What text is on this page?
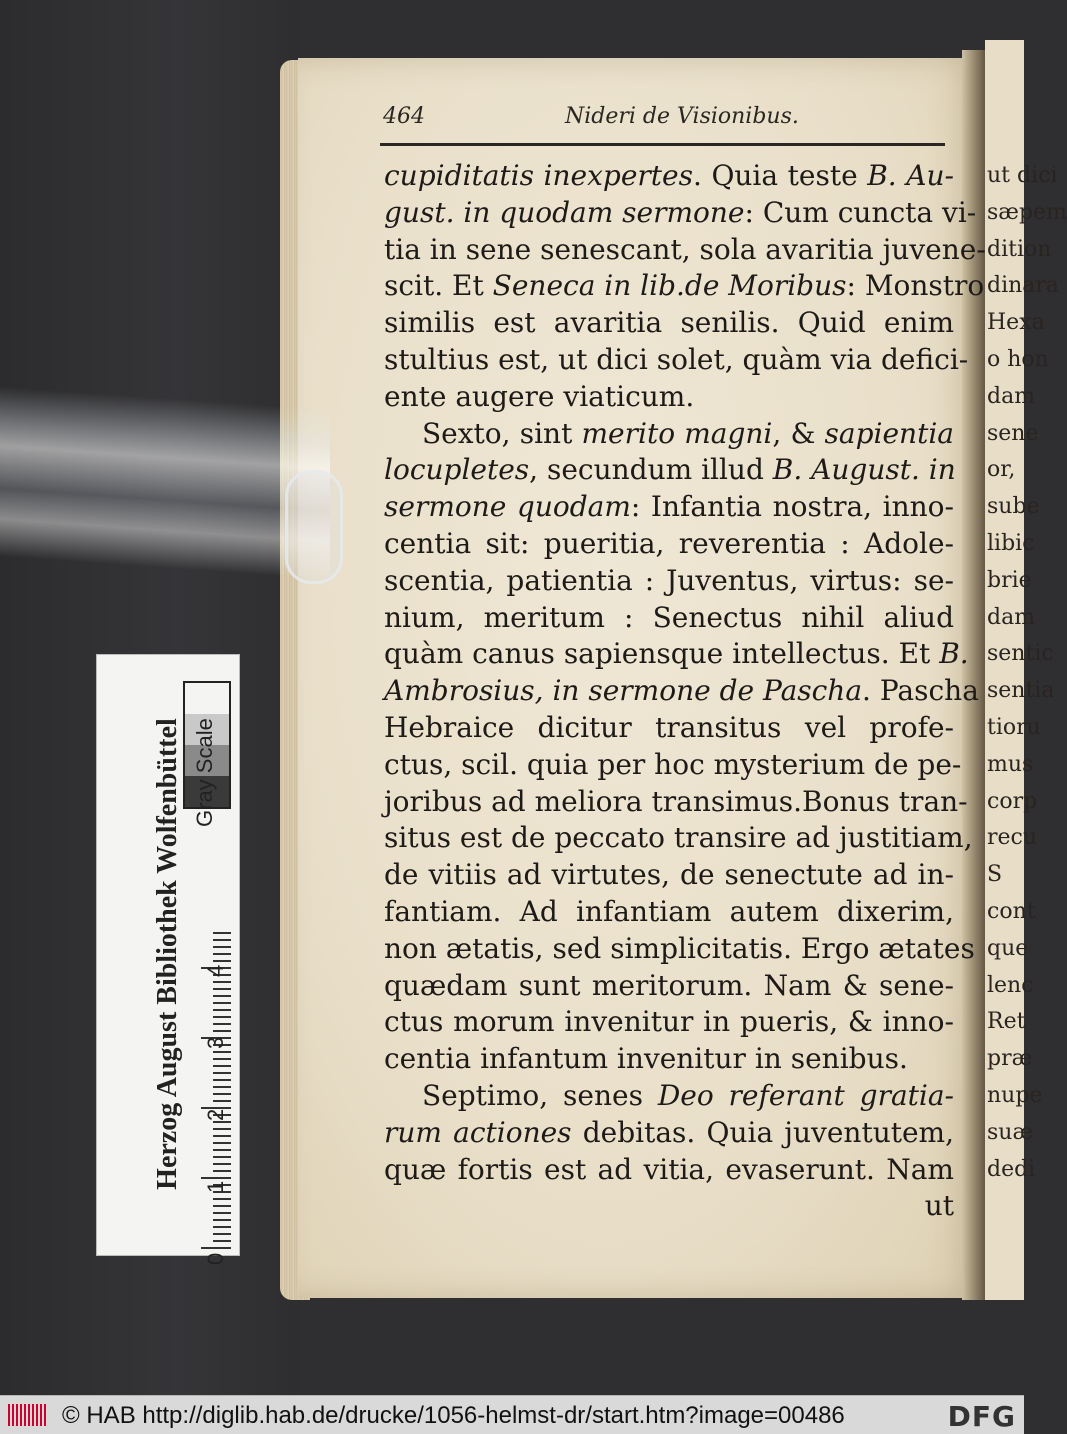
ut dici
sæpem
dition
dinara
Hexa
o hon
dam
sene
or,
sube
libic
brie
dam
sentic
sentia
tioru
mus
corp
recu
S
cont
que
lenc
Ret
præ
nupe
suæ
dedi
464	Nideri de Visionibus.
cupiditatis inexpertes. Quia teste B. Au-
gust. in quodam sermone: Cum cuncta vi-
tia in sene senescant, sola avaritia juvene-
scit. Et Seneca in lib.de Moribus: Monstro
similis est avaritia senilis. Quid enim
stultius est, ut dici solet, quàm via defici-
ente augere viaticum.
Sexto, sint merito magni, & sapientia
locupletes, secundum illud B. August. in
sermone quodam: Infantia nostra, inno-
centia sit: pueritia, reverentia : Adole-
scentia, patientia : Juventus, virtus: se-
nium, meritum : Senectus nihil aliud
quàm canus sapiensque intellectus. Et B.
Ambrosius, in sermone de Pascha. Pascha
Hebraice dicitur transitus vel profe-
ctus, scil. quia per hoc mysterium de pe-
joribus ad meliora transimus.Bonus tran-
situs est de peccato transire ad justitiam,
de vitiis ad virtutes, de senectute ad in-
fantiam. Ad infantiam autem dixerim,
non ætatis, sed simplicitatis. Ergo ætates
quædam sunt meritorum. Nam & sene-
ctus morum invenitur in pueris, & inno-
centia infantum invenitur in senibus.
Septimo, senes Deo referant gratia-
rum actiones debitas. Quia juventutem,
quæ fortis est ad vitia, evaserunt. Nam
ut
Herzog August Bibliothek Wolfenbüttel Gray Scale
0
1
2
3
4
© HAB http://diglib.hab.de/drucke/1056-helmst-dr/start.htm?image=00486	DFG
